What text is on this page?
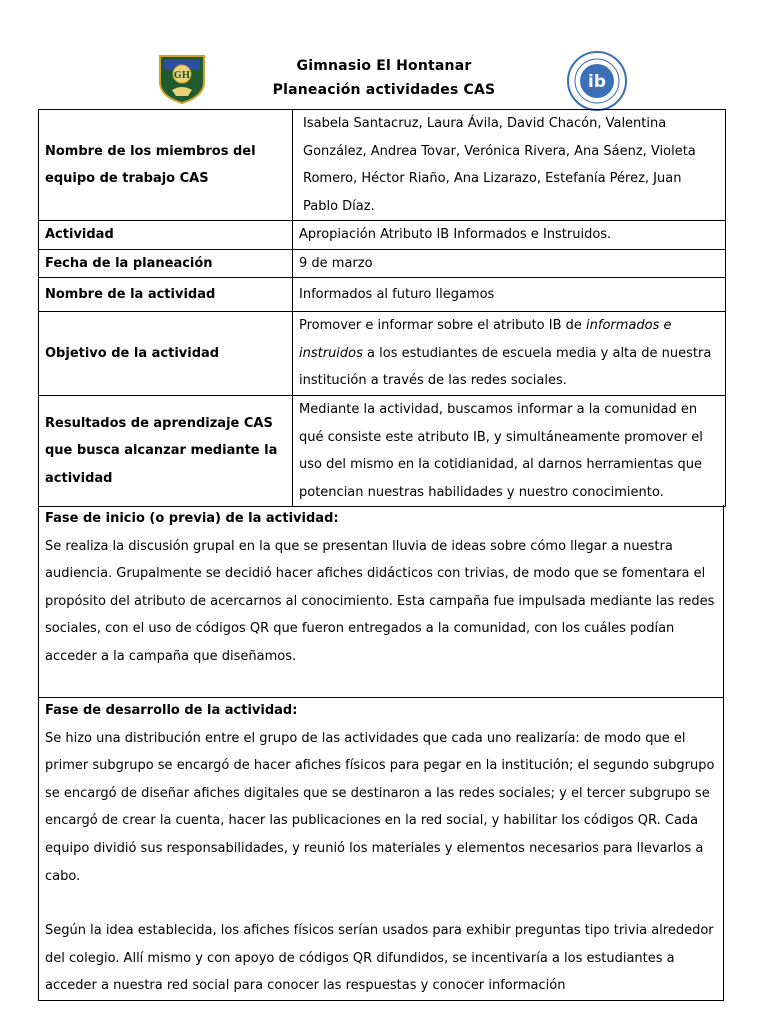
GH
Gimnasio El Hontanar
Planeación actividades CAS	ib
Nombre de los miembros del equipo de trabajo CAS	Isabela Santacruz, Laura Ávila, David Chacón, Valentina González, Andrea Tovar, Verónica Rivera, Ana Sáenz, Violeta Romero, Héctor Riaño, Ana Lizarazo, Estefanía Pérez, Juan Pablo Díaz.
Actividad	Apropiación Atributo IB Informados e Instruidos.
Fecha de la planeación	9 de marzo
Nombre de la actividad	Informados al futuro llegamos
Objetivo de la actividad	Promover e informar sobre el atributo IB de informados e instruidos a los estudiantes de escuela media y alta de nuestra institución a través de las redes sociales.
Resultados de aprendizaje CAS que busca alcanzar mediante la actividad	Mediante la actividad, buscamos informar a la comunidad en qué consiste este atributo IB, y simultáneamente promover el uso del mismo en la cotidianidad, al darnos herramientas que potencian nuestras habilidades y nuestro conocimiento.
Fase de inicio (o previa) de la actividad:

Se realiza la discusión grupal en la que se presentan lluvia de ideas sobre cómo llegar a nuestra audiencia. Grupalmente se decidió hacer afiches didácticos con trivias, de modo que se fomentara el propósito del atributo de acercarnos al conocimiento. Esta campaña fue impulsada mediante las redes sociales, con el uso de códigos QR que fueron entregados a la comunidad, con los cuáles podían acceder a la campaña que diseñamos.

Fase de desarrollo de la actividad:

Se hizo una distribución entre el grupo de las actividades que cada uno realizaría: de modo que el primer subgrupo se encargó de hacer afiches físicos para pegar en la institución; el segundo subgrupo se encargó de diseñar afiches digitales que se destinaron a las redes sociales; y el tercer subgrupo se encargó de crear la cuenta, hacer las publicaciones en la red social, y habilitar los códigos QR. Cada equipo dividió sus responsabilidades, y reunió los materiales y elementos necesarios para llevarlos a cabo.

Según la idea establecida, los afiches físicos serían usados para exhibir preguntas tipo trivia alrededor del colegio. Allí mismo y con apoyo de códigos QR difundidos, se incentivaría a los estudiantes a acceder a nuestra red social para conocer las respuestas y conocer información
